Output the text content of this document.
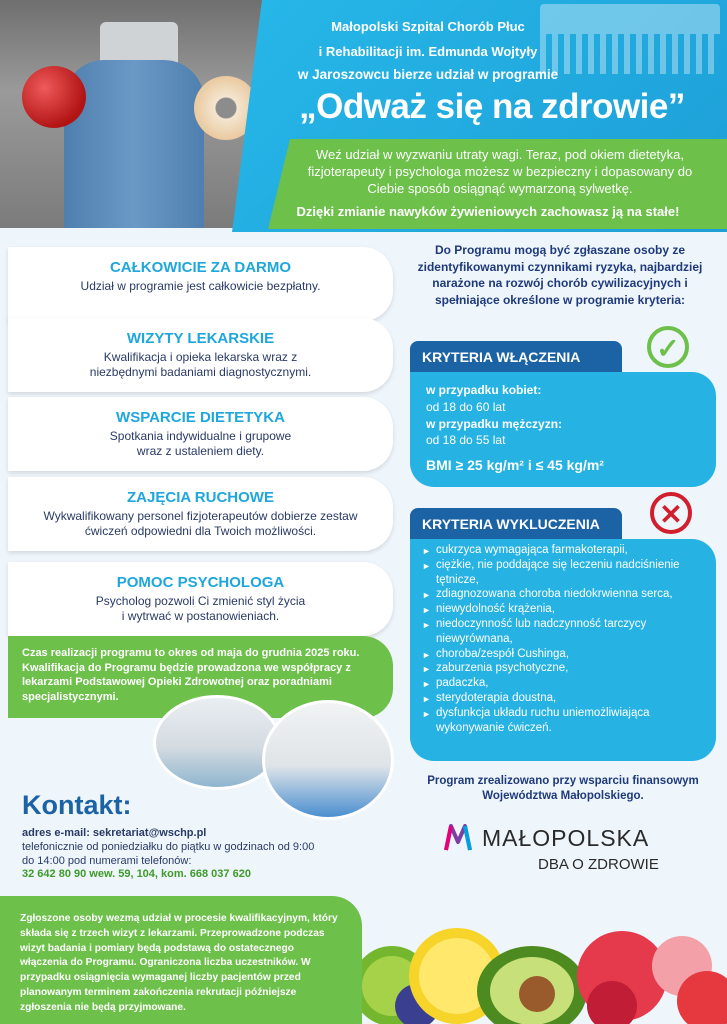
Małopolski Szpital Chorób Płuc
i Rehabilitacji im. Edmunda Wojtyły
w Jaroszowcu bierze udział w programie
„Odważ się na zdrowie”
Weź udział w wyzwaniu utraty wagi. Teraz, pod okiem dietetyka, fizjoterapeuty i psychologa możesz w bezpieczny i dopasowany do Ciebie sposób osiągnąć wymarzoną sylwetkę.
Dzięki zmianie nawyków żywieniowych zachowasz ją na stałe!
CAŁKOWICIE ZA DARMO

Udział w programie jest całkowicie bezpłatny.

WIZYTY LEKARSKIE

Kwalifikacja i opieka lekarska wraz z niezbędnymi badaniami diagnostycznymi.

WSPARCIE DIETETYKA

Spotkania indywidualne i grupowe wraz z ustaleniem diety.

ZAJĘCIA RUCHOWE

Wykwalifikowany personel fizjoterapeutów dobierze zestaw ćwiczeń odpowiedni dla Twoich możliwości.

POMOC PSYCHOLOGA

Psycholog pozwoli Ci zmienić styl życia i wytrwać w postanowieniach.

Czas realizacji programu to okres od maja do grudnia 2025 roku. Kwalifikacja do Programu będzie prowadzona we współpracy z lekarzami Podstawowej Opieki Zdrowotnej oraz poradniami specjalistycznymi.

Do Programu mogą być zgłaszane osoby ze zidentyfikowanymi czynnikami ryzyka, najbardziej narażone na rozwój chorób cywilizacyjnych i spełniające określone w programie kryteria:
✓
KRYTERIA WŁĄCZENIA

w przypadku kobiet:

od 18 do 60 lat

w przypadku mężczyzn:

od 18 do 55 lat

BMI ≥ 25 kg/m² i ≤ 45 kg/m²

✕
KRYTERIA WYKLUCZENIA
► cukrzyca wymagająca farmakoterapii,
► ciężkie, nie poddające się leczeniu nadciśnienie tętnicze,
► zdiagnozowana choroba niedokrwienna serca,
► niewydolność krążenia,
► niedoczynność lub nadczynność tarczycy niewyrównana,
► choroba/zespół Cushinga,
► zaburzenia psychotyczne,
► padaczka,
► sterydoterapia doustna,
► dysfunkcja układu ruchu uniemożliwiająca wykonywanie ćwiczeń.
Program zrealizowano przy wsparciu finansowym Województwa Małopolskiego.
MAŁOPOLSKA
DBA O ZDROWIE
Kontakt:

adres e-mail: sekretariat@wschp.pl

telefonicznie od poniedziałku do piątku w godzinach od 9:00 do 14:00 pod numerami telefonów:

32 642 80 90 wew. 59, 104, kom. 668 037 620

Zgłoszone osoby wezmą udział w procesie kwalifikacyjnym, który składa się z trzech wizyt z lekarzami. Przeprowadzone podczas wizyt badania i pomiary będą podstawą do ostatecznego włączenia do Programu. Ograniczona liczba uczestników. W przypadku osiągnięcia wymaganej liczby pacjentów przed planowanym terminem zakończenia rekrutacji późniejsze zgłoszenia nie będą przyjmowane.
